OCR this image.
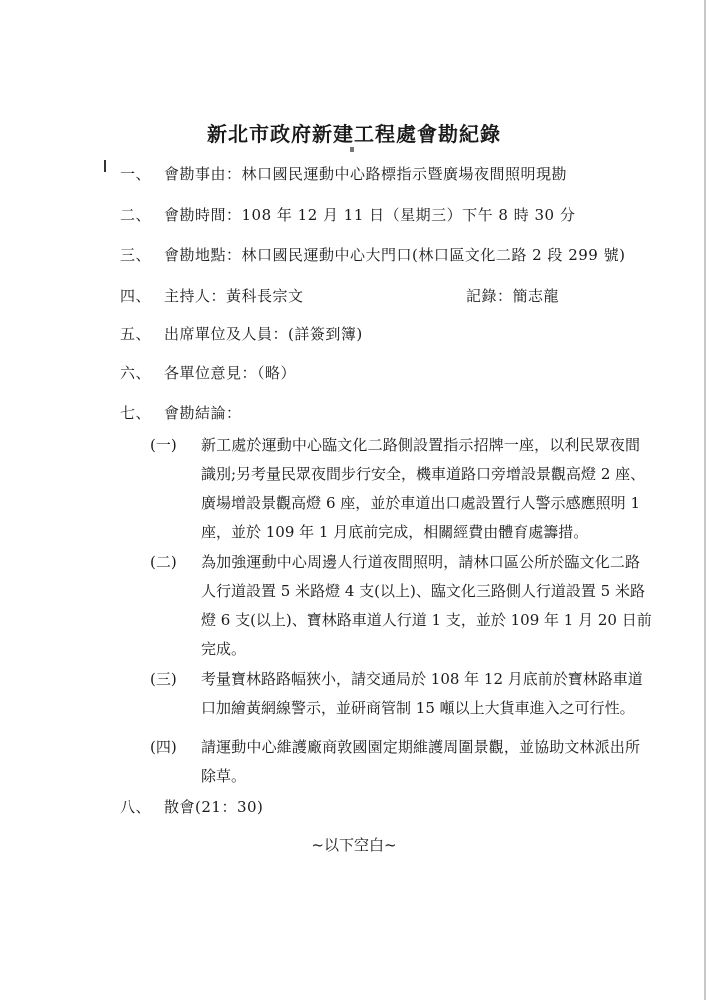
新北市政府新建工程處會勘紀錄
一、 會勘事由：林口國民運動中心路標指示暨廣場夜間照明現勘
二、 會勘時間：108 年 12 月 11 日（星期三）下午 8 時 30 分
三、 會勘地點：林口國民運動中心大門口(林口區文化二路 2 段 299 號)
四、 主持人：黃科長宗文	記錄：簡志龍
五、 出席單位及人員：(詳簽到簿)
六、 各單位意見：（略）
七、 會勘結論：
(一)	新工處於運動中心臨文化二路側設置指示招牌一座，以利民眾夜間
識別;另考量民眾夜間步行安全，機車道路口旁增設景觀高燈 2 座、
廣場增設景觀高燈 6 座，並於車道出口處設置行人警示感應照明 1
座，並於 109 年 1 月底前完成，相關經費由體育處籌措。
(二)	為加強運動中心周邊人行道夜間照明，請林口區公所於臨文化二路
人行道設置 5 米路燈 4 支(以上)、臨文化三路側人行道設置 5 米路
燈 6 支(以上)、寶林路車道人行道 1 支，並於 109 年 1 月 20 日前
完成。
(三)	考量寶林路路幅狹小，請交通局於 108 年 12 月底前於寶林路車道
口加繪黃網線警示，並研商管制 15 噸以上大貨車進入之可行性。
(四)	請運動中心維護廠商敦國園定期維護周圍景觀，並協助文林派出所
除草。
八、 散會(21：30)
~以下空白~
